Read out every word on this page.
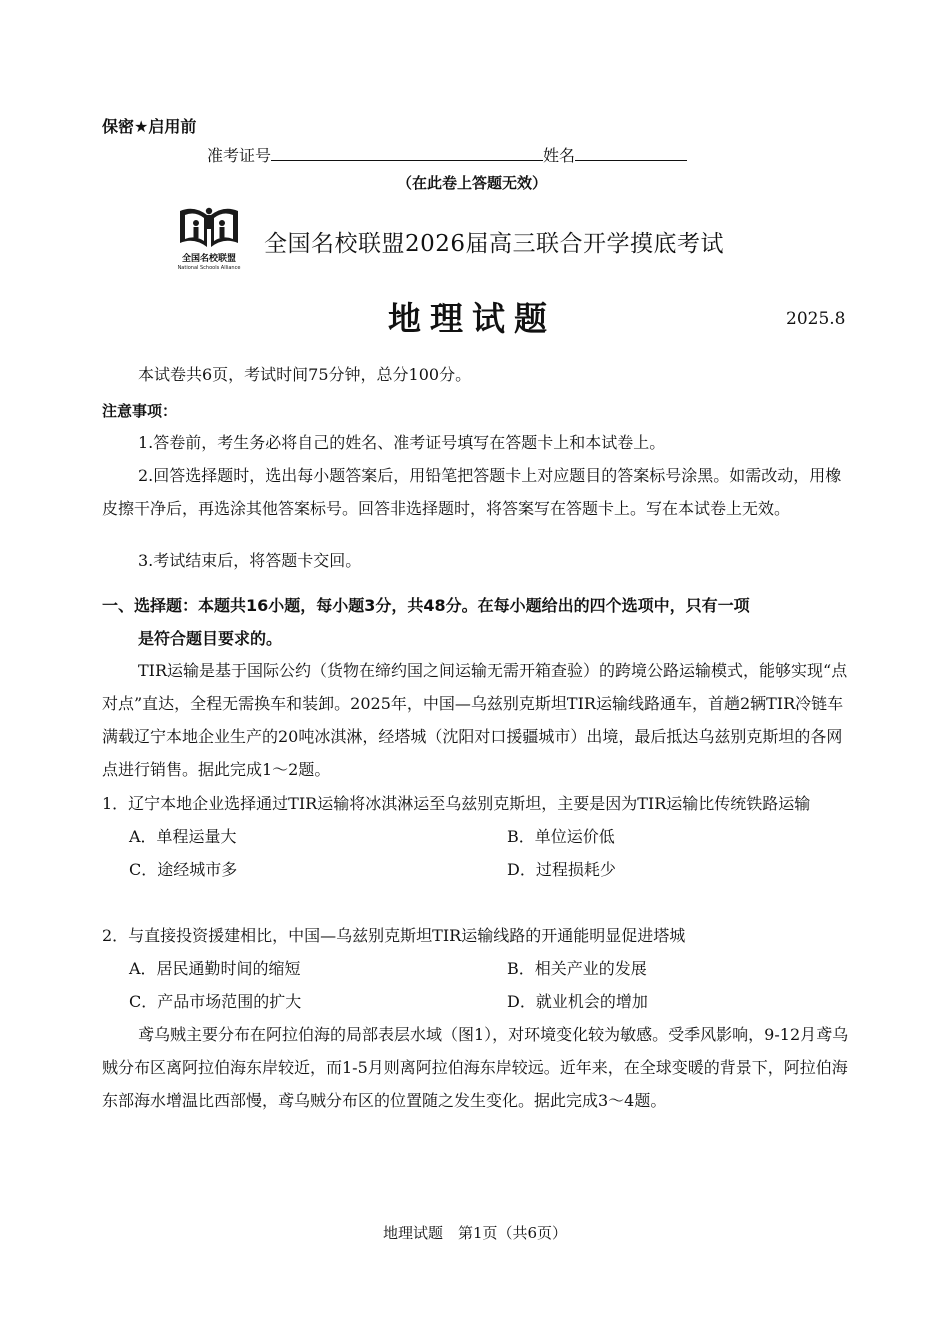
保密★启用前
准考证号	姓名
（在此卷上答题无效）
全国名校联盟
National Schools Alliance
全国名校联盟2026届高三联合开学摸底考试
地理试题	2025.8
本试卷共6页，考试时间75分钟，总分100分。
注意事项：
1.答卷前，考生务必将自己的姓名、准考证号填写在答题卡上和本试卷上。
2.回答选择题时，选出每小题答案后，用铅笔把答题卡上对应题目的答案标号涂黑。如需改动，用橡皮擦干净后，再选涂其他答案标号。回答非选择题时，将答案写在答题卡上。写在本试卷上无效。
3.考试结束后，将答题卡交回。
一、选择题：本题共16小题，每小题3分，共48分。在每小题给出的四个选项中，只有一项
是符合题目要求的。
TIR运输是基于国际公约（货物在缔约国之间运输无需开箱查验）的跨境公路运输模式，能够实现“点对点”直达，全程无需换车和装卸。2025年，中国—乌兹别克斯坦TIR运输线路通车，首趟2辆TIR冷链车满载辽宁本地企业生产的20吨冰淇淋，经塔城（沈阳对口援疆城市）出境，最后抵达乌兹别克斯坦的各网点进行销售。据此完成1～2题。
1．辽宁本地企业选择通过TIR运输将冰淇淋运至乌兹别克斯坦，主要是因为TIR运输比传统铁路运输
A．单程运量大	B．单位运价低
C．途经城市多	D．过程损耗少
2．与直接投资援建相比，中国—乌兹别克斯坦TIR运输线路的开通能明显促进塔城
A．居民通勤时间的缩短	B．相关产业的发展
C．产品市场范围的扩大	D．就业机会的增加
鸢乌贼主要分布在阿拉伯海的局部表层水域（图1），对环境变化较为敏感。受季风影响，9-12月鸢乌贼分布区离阿拉伯海东岸较近，而1-5月则离阿拉伯海东岸较远。近年来，在全球变暖的背景下，阿拉伯海东部海水增温比西部慢，鸢乌贼分布区的位置随之发生变化。据此完成3～4题。
地理试题　第1页（共6页）
